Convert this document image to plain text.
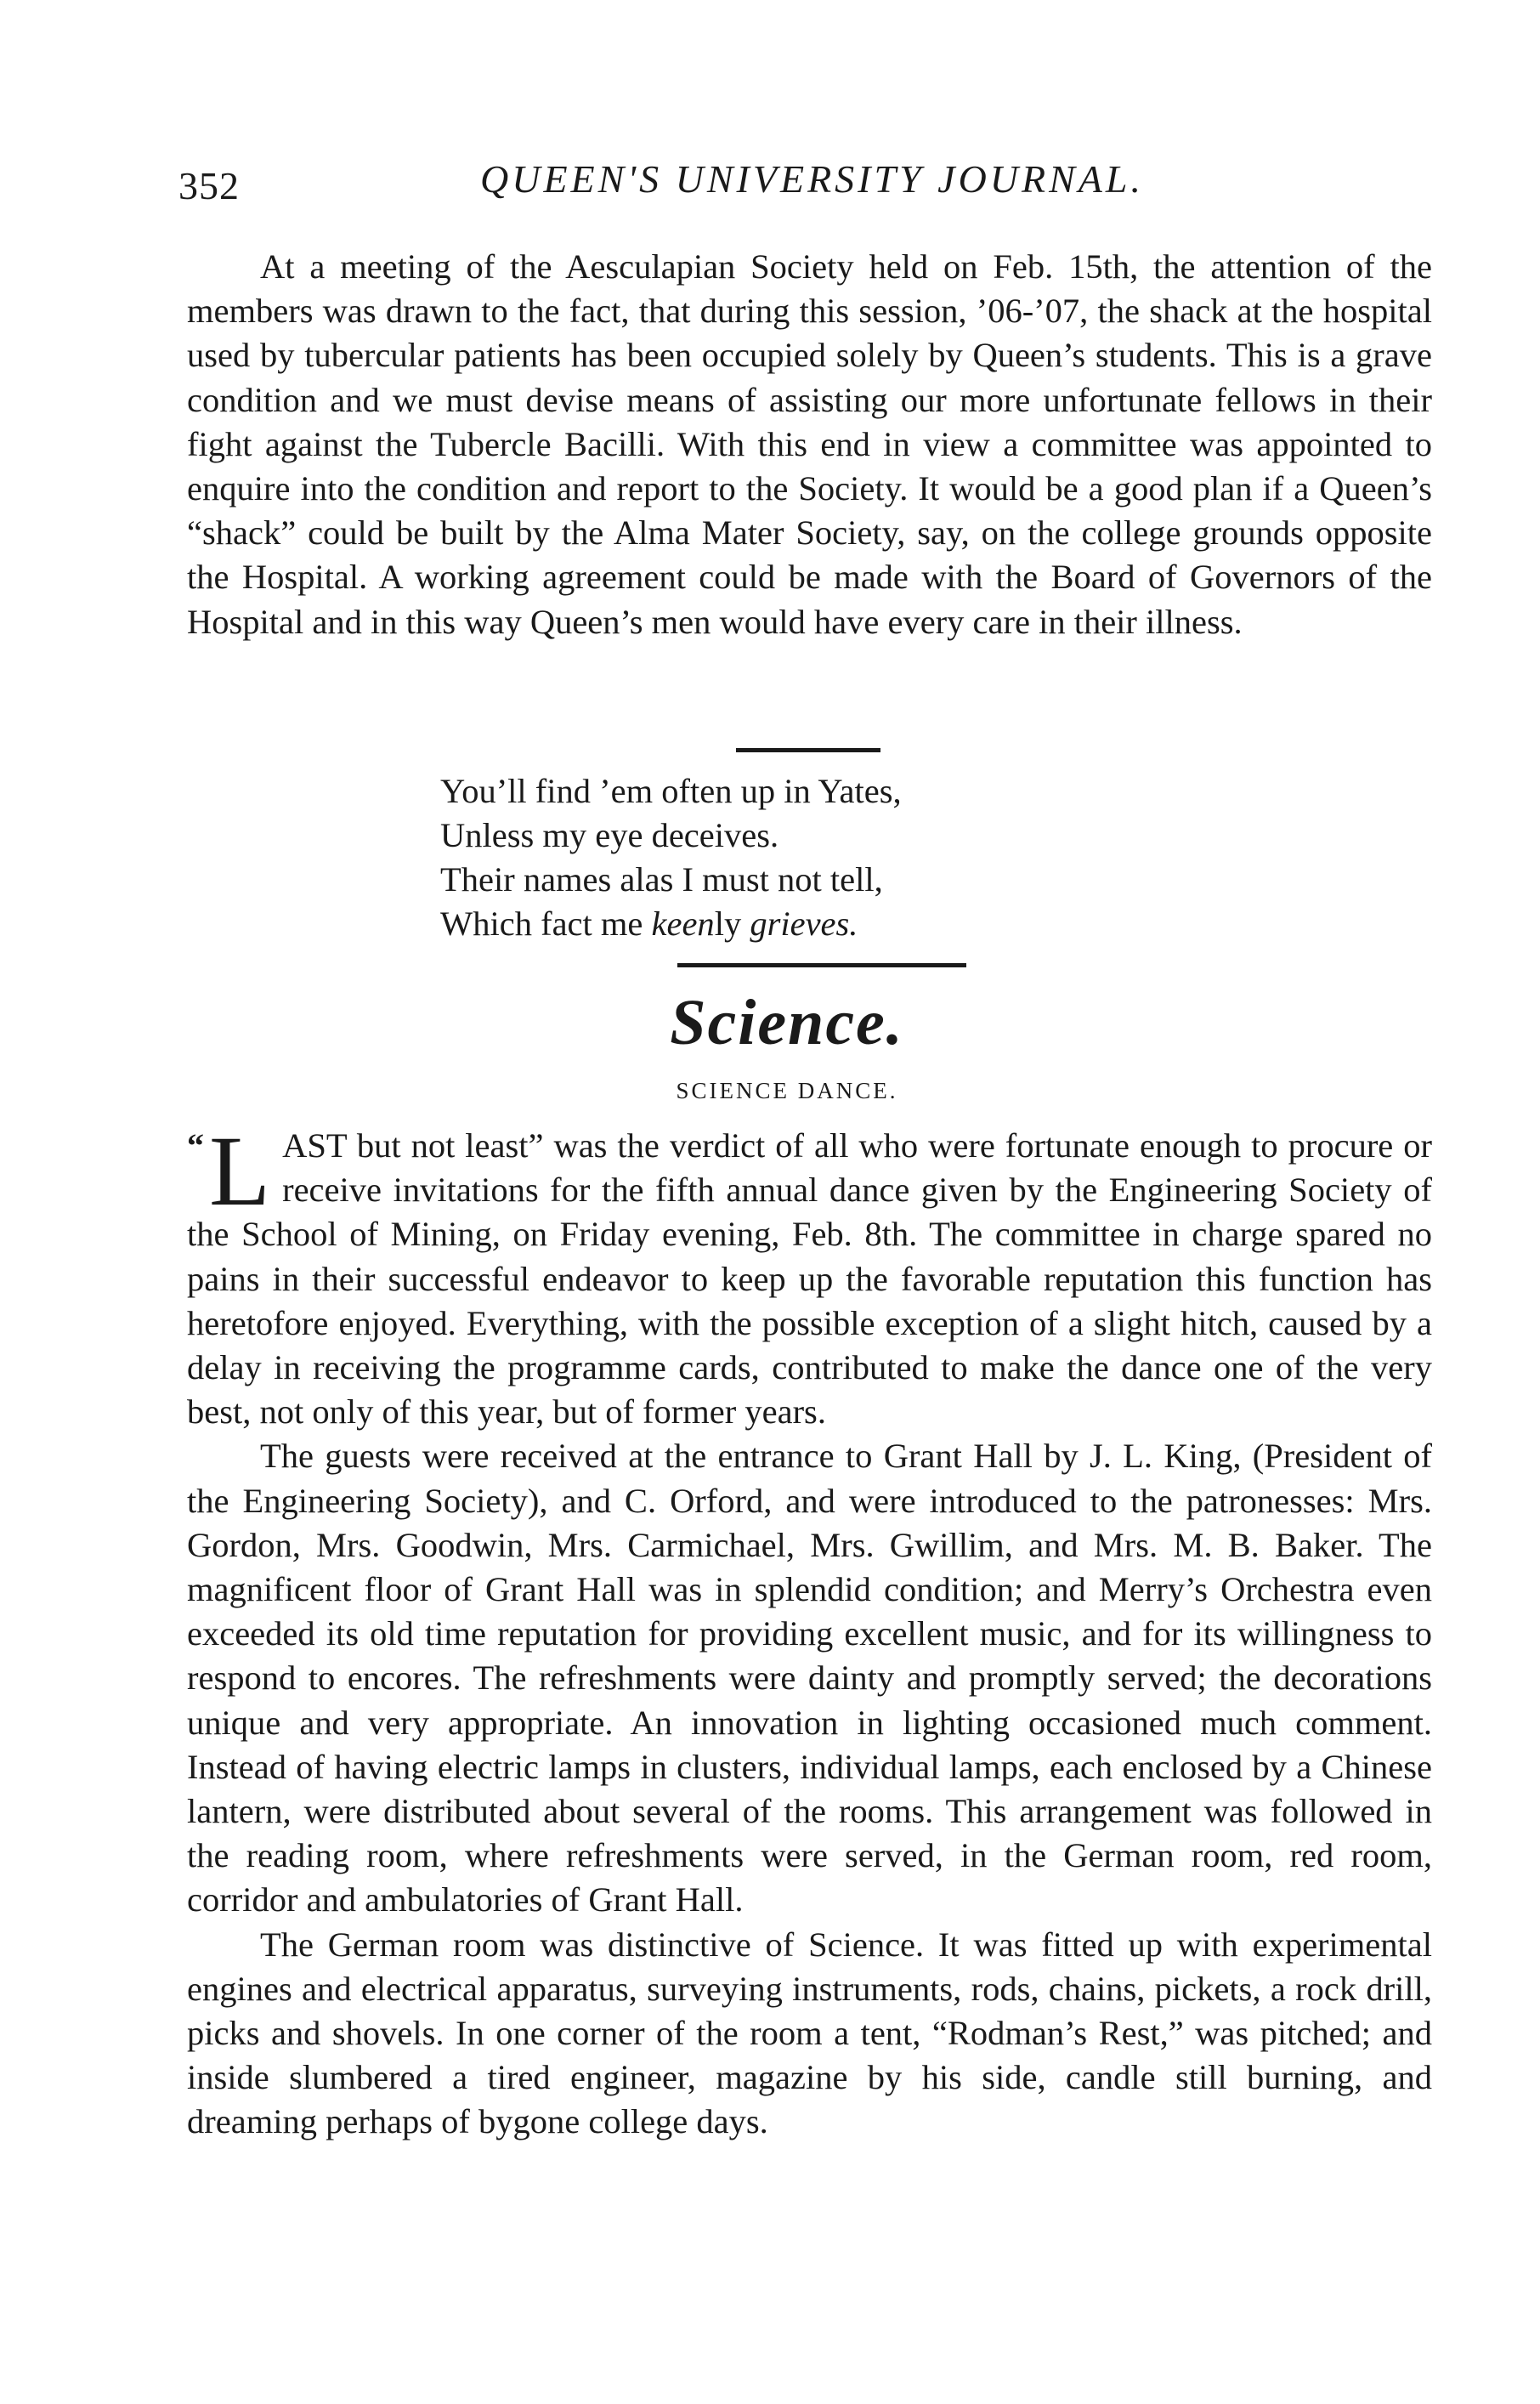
352	QUEEN'S UNIVERSITY JOURNAL.

At a meeting of the Aesculapian Society held on Feb. 15th, the attention of the members was drawn to the fact, that during this session, ’06-’07, the shack at the hospital used by tubercular patients has been occupied solely by Queen’s students. This is a grave condition and we must devise means of assisting our more unfortunate fellows in their fight against the Tubercle Bacilli. With this end in view a committee was appointed to enquire into the condition and report to the Society. It would be a good plan if a Queen’s “shack” could be built by the Alma Mater Society, say, on the college grounds opposite the Hospital. A working agreement could be made with the Board of Governors of the Hospital and in this way Queen’s men would have every care in their illness.

You’ll find ’em often up in Yates,
Unless my eye deceives.
Their names alas I must not tell,
Which fact me keenly grieves.
Science.
SCIENCE DANCE.

“ L AST but not least” was the verdict of all who were fortunate enough to procure or receive invitations for the fifth annual dance given by the Engineering Society of the School of Mining, on Friday evening, Feb. 8th. The committee in charge spared no pains in their successful endeavor to keep up the favorable reputation this function has heretofore enjoyed. Everything, with the possible exception of a slight hitch, caused by a delay in receiving the programme cards, contributed to make the dance one of the very best, not only of this year, but of former years.

The guests were received at the entrance to Grant Hall by J. L. King, (President of the Engineering Society), and C. Orford, and were introduced to the patronesses: Mrs. Gordon, Mrs. Goodwin, Mrs. Carmichael, Mrs. Gwillim, and Mrs. M. B. Baker. The magnificent floor of Grant Hall was in splendid condition; and Merry’s Orchestra even exceeded its old time reputation for providing excellent music, and for its willingness to respond to encores. The refreshments were dainty and promptly served; the decorations unique and very appropriate. An innovation in lighting occasioned much comment. Instead of having electric lamps in clusters, individual lamps, each enclosed by a Chinese lantern, were distributed about several of the rooms. This arrangement was followed in the reading room, where refreshments were served, in the German room, red room, corridor and ambulatories of Grant Hall.

The German room was distinctive of Science. It was fitted up with experimental engines and electrical apparatus, surveying instruments, rods, chains, pickets, a rock drill, picks and shovels. In one corner of the room a tent, “Rodman’s Rest,” was pitched; and inside slumbered a tired engineer, magazine by his side, candle still burning, and dreaming perhaps of bygone college days.
